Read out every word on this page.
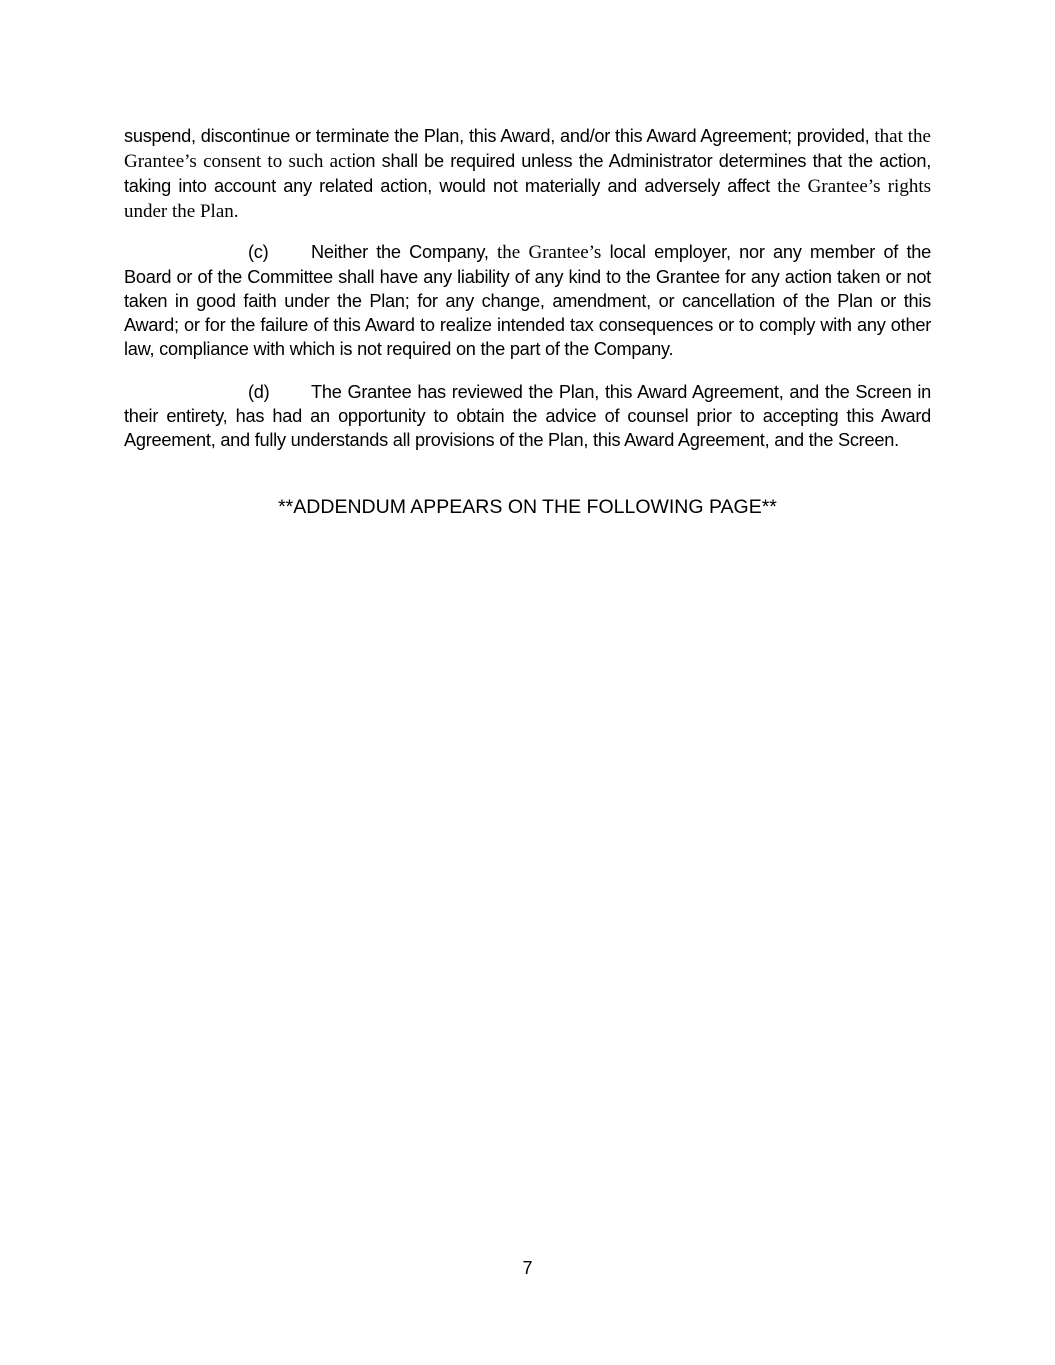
suspend, discontinue or terminate the Plan, this Award, and/or this Award Agreement; provided, that the Grantee’s consent to such action shall be required unless the Administrator determines that the action, taking into account any related action, would not materially and adversely affect the Grantee’s rights under the Plan.

(c) Neither the Company, the Grantee’s local employer, nor any member of the Board or of the Committee shall have any liability of any kind to the Grantee for any action taken or not taken in good faith under the Plan; for any change, amendment, or cancellation of the Plan or this Award; or for the failure of this Award to realize intended tax consequences or to comply with any other law, compliance with which is not required on the part of the Company.

(d) The Grantee has reviewed the Plan, this Award Agreement, and the Screen in their entirety, has had an opportunity to obtain the advice of counsel prior to accepting this Award Agreement, and fully understands all provisions of the Plan, this Award Agreement, and the Screen.

**ADDENDUM APPEARS ON THE FOLLOWING PAGE**

7
